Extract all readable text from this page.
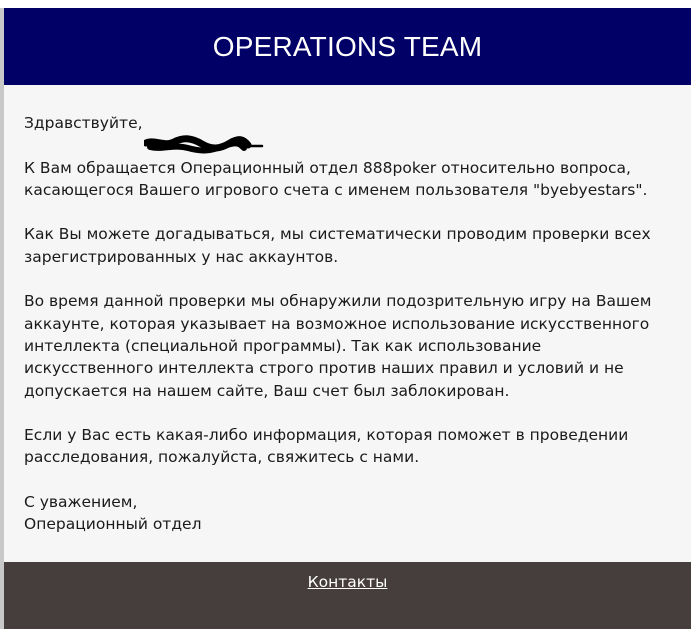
OPERATIONS TEAM

Здравствуйте,

К Вам обращается Операционный отдел 888poker относительно вопроса,
касающегося Вашего игрового счета с именем пользователя "byebyestars".

Как Вы можете догадываться, мы систематически проводим проверки всех
зарегистрированных у нас аккаунтов.

Во время данной проверки мы обнаружили подозрительную игру на Вашем
аккаунте, которая указывает на возможное использование искусственного
интеллекта (специальной программы). Так как использование
искусственного интеллекта строго против наших правил и условий и не
допускается на нашем сайте, Ваш счет был заблокирован.

Если у Вас есть какая-либо информация, которая поможет в проведении
расследования, пожалуйста, свяжитесь с нами.

С уважением,
Операционный отдел

Контакты
